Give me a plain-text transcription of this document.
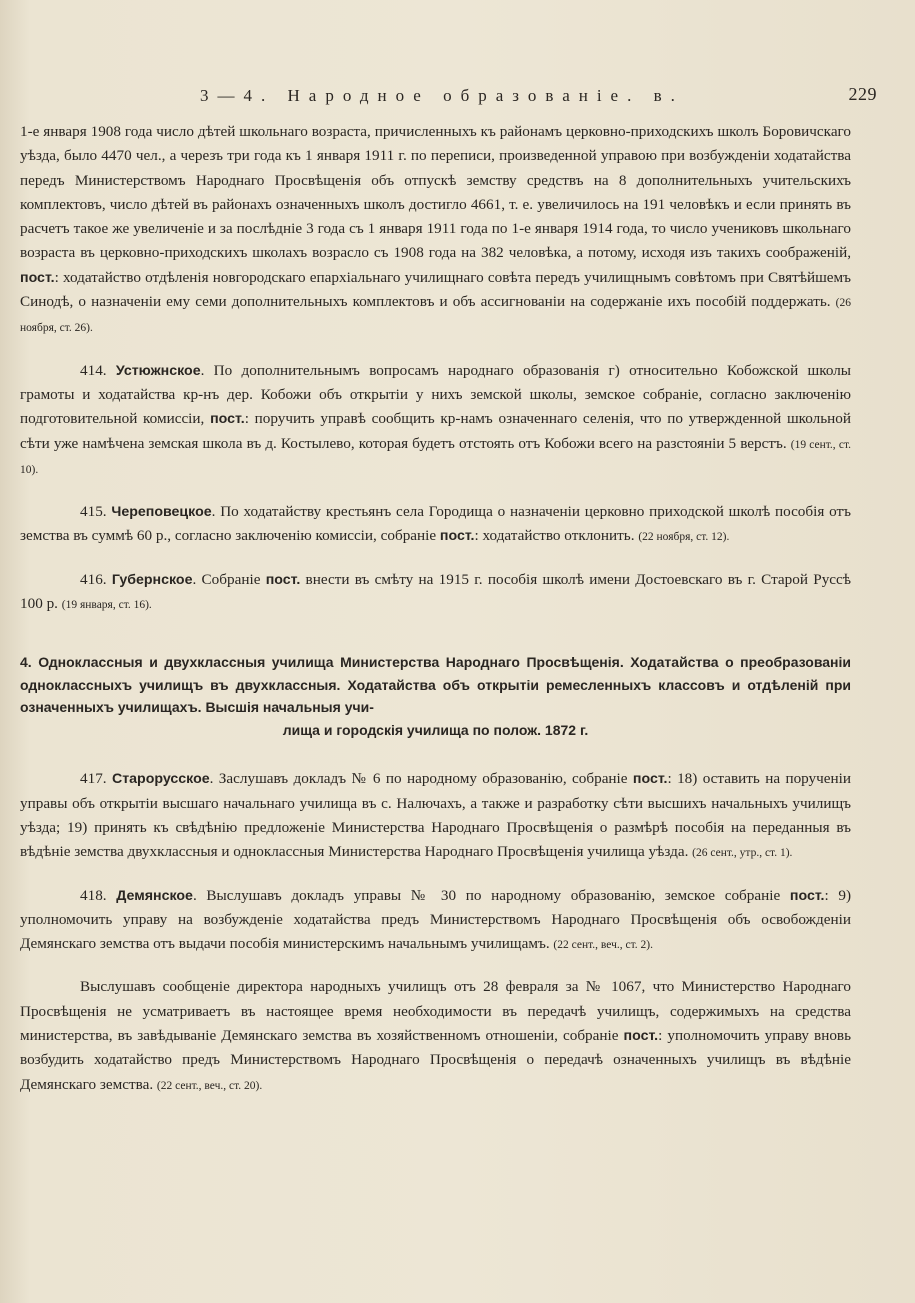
3—4. Народное образованіе. в.	229

1-е января 1908 года число дѣтей школьнаго возраста, причисленныхъ къ районамъ церковно-приходскихъ школъ Боровичскаго уѣзда, было 4470 чел., а черезъ три года къ 1 января 1911 г. по переписи, произведенной управою при возбужденіи ходатайства передъ Министерствомъ Народнаго Просвѣщенія объ отпускѣ земству средствъ на 8 дополнительныхъ учительскихъ комплектовъ, число дѣтей въ районахъ означенныхъ школъ достигло 4661, т. е. увеличилось на 191 человѣкъ и если принять въ расчетъ такое же увеличеніе и за послѣдніе 3 года съ 1 января 1911 года по 1-е января 1914 года, то число учениковъ школьнаго возраста въ церковно-приходскихъ школахъ возрасло съ 1908 года на 382 человѣка, а потому, исходя изъ такихъ соображеній, пост.: ходатайство отдѣленія новгородскаго епархіальнаго училищнаго совѣта передъ училищнымъ совѣтомъ при Святѣйшемъ Синодѣ, о назначеніи ему семи дополнительныхъ комплектовъ и объ ассигнованіи на содержаніе ихъ пособій поддержать. (26 ноября, ст. 26).

414. Устюжнское. По дополнительнымъ вопросамъ народнаго образованія г) относительно Кобожской школы грамоты и ходатайства кр-нъ дер. Кобожи объ открытіи у нихъ земской школы, земское собраніе, согласно заключенію подготовительной комиссіи, пост.: поручить управѣ сообщить кр-намъ означеннаго селенія, что по утвержденной школьной сѣти уже намѣчена земская школа въ д. Костылево, которая будетъ отстоять отъ Кобожи всего на разстояніи 5 верстъ. (19 сент., ст. 10).

415. Череповецкое. По ходатайству крестьянъ села Городища о назначеніи церковно приходской школѣ пособія отъ земства въ суммѣ 60 р., согласно заключенію комиссіи, собраніе пост.: ходатайство отклонить. (22 ноября, ст. 12).

416. Губернское. Собраніе пост. внести въ смѣту на 1915 г. пособія школѣ имени Достоевскаго въ г. Старой Руссѣ 100 р. (19 января, ст. 16).

4. Одноклассныя и двухклассныя училища Министерства Народнаго Просвѣщенія. Ходатайства о преобразованіи одноклассныхъ училищъ въ двухклассныя. Ходатайства объ открытіи ремесленныхъ классовъ и отдѣленій при означенныхъ училищахъ. Высшія начальныя учи-
лища и городскія училища по полож. 1872 г.

417. Старорусское. Заслушавъ докладъ № 6 по народному образованію, собраніе пост.: 18) оставить на порученіи управы объ открытіи высшаго начальнаго училища въ с. Налючахъ, а также и разработку сѣти высшихъ начальныхъ училищъ уѣзда; 19) принять къ свѣдѣнію предложеніе Министерства Народнаго Просвѣщенія о размѣрѣ пособія на переданныя въ вѣдѣніе земства двухклассныя и одноклассныя Министерства Народнаго Просвѣщенія училища уѣзда. (26 сент., утр., ст. 1).

418. Демянское. Выслушавъ докладъ управы № 30 по народному образованію, земское собраніе пост.: 9) уполномочить управу на возбужденіе ходатайства предъ Министерствомъ Народнаго Просвѣщенія объ освобожденіи Демянскаго земства отъ выдачи пособія министерскимъ начальнымъ училищамъ. (22 сент., веч., ст. 2).

Выслушавъ сообщеніе директора народныхъ училищъ отъ 28 февраля за № 1067, что Министерство Народнаго Просвѣщенія не усматриваетъ въ настоящее время необходимости въ передачѣ училищъ, содержимыхъ на средства министерства, въ завѣдываніе Демянскаго земства въ хозяйственномъ отношеніи, собраніе пост.: уполномочить управу вновь возбудить ходатайство предъ Министерствомъ Народнаго Просвѣщенія о передачѣ означенныхъ училищъ въ вѣдѣніе Демянскаго земства. (22 сент., веч., ст. 20).
